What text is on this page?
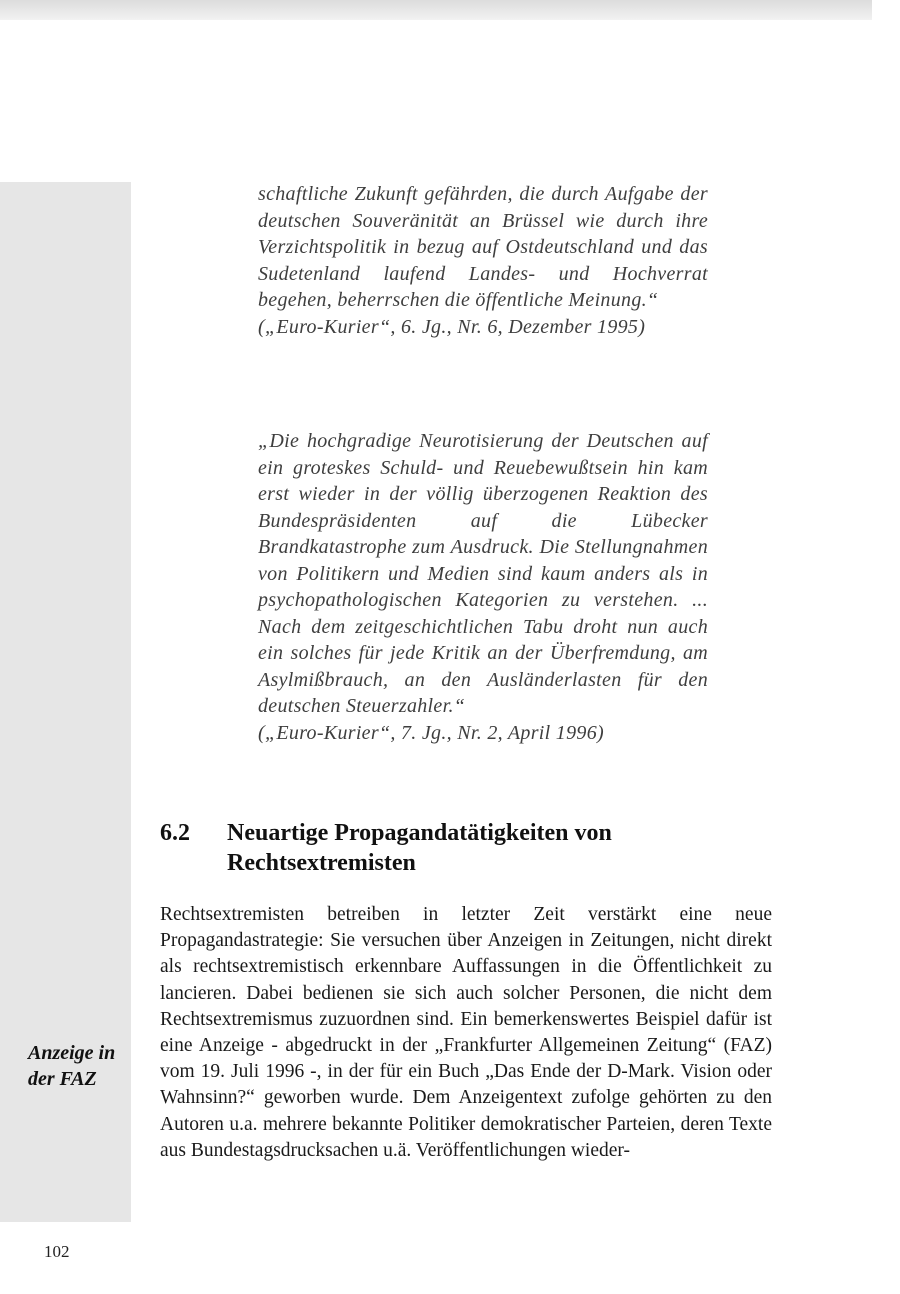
Anzeige in der FAZ

schaftliche Zukunft gefährden, die durch Aufgabe der deutschen Souveränität an Brüssel wie durch ihre Verzichtspolitik in bezug auf Ostdeutschland und das Sudetenland laufend Landes- und Hochverrat begehen, beherrschen die öffentliche Meinung.“

(„Euro-Kurier“, 6. Jg., Nr. 6, Dezember 1995)

„Die hochgradige Neurotisierung der Deutschen auf ein groteskes Schuld- und Reuebewußtsein hin kam erst wieder in der völlig überzogenen Reaktion des Bundespräsidenten auf die Lübecker Brandkatastrophe zum Ausdruck. Die Stellungnahmen von Politikern und Medien sind kaum anders als in psychopathologischen Kategorien zu verstehen. ... Nach dem zeitgeschichtlichen Tabu droht nun auch ein solches für jede Kritik an der Überfremdung, am Asylmißbrauch, an den Ausländerlasten für den deutschen Steuerzahler.“

(„Euro-Kurier“, 7. Jg., Nr. 2, April 1996)

6.2	Neuartige Propagandatätigkeiten von Rechtsextremisten

Rechtsextremisten betreiben in letzter Zeit verstärkt eine neue Propagandastrategie: Sie versuchen über Anzeigen in Zeitungen, nicht direkt als rechtsextremistisch erkennbare Auffassungen in die Öffentlichkeit zu lancieren. Dabei bedienen sie sich auch solcher Personen, die nicht dem Rechtsextremismus zuzuordnen sind. Ein bemerkenswertes Beispiel dafür ist eine Anzeige - abgedruckt in der „Frankfurter Allgemeinen Zeitung“ (FAZ) vom 19. Juli 1996 -, in der für ein Buch „Das Ende der D-Mark. Vision oder Wahnsinn?“ geworben wurde. Dem Anzeigentext zufolge gehörten zu den Autoren u.a. mehrere bekannte Politiker demokratischer Parteien, deren Texte aus Bundestagsdrucksachen u.ä. Veröffentlichungen wieder-

102
